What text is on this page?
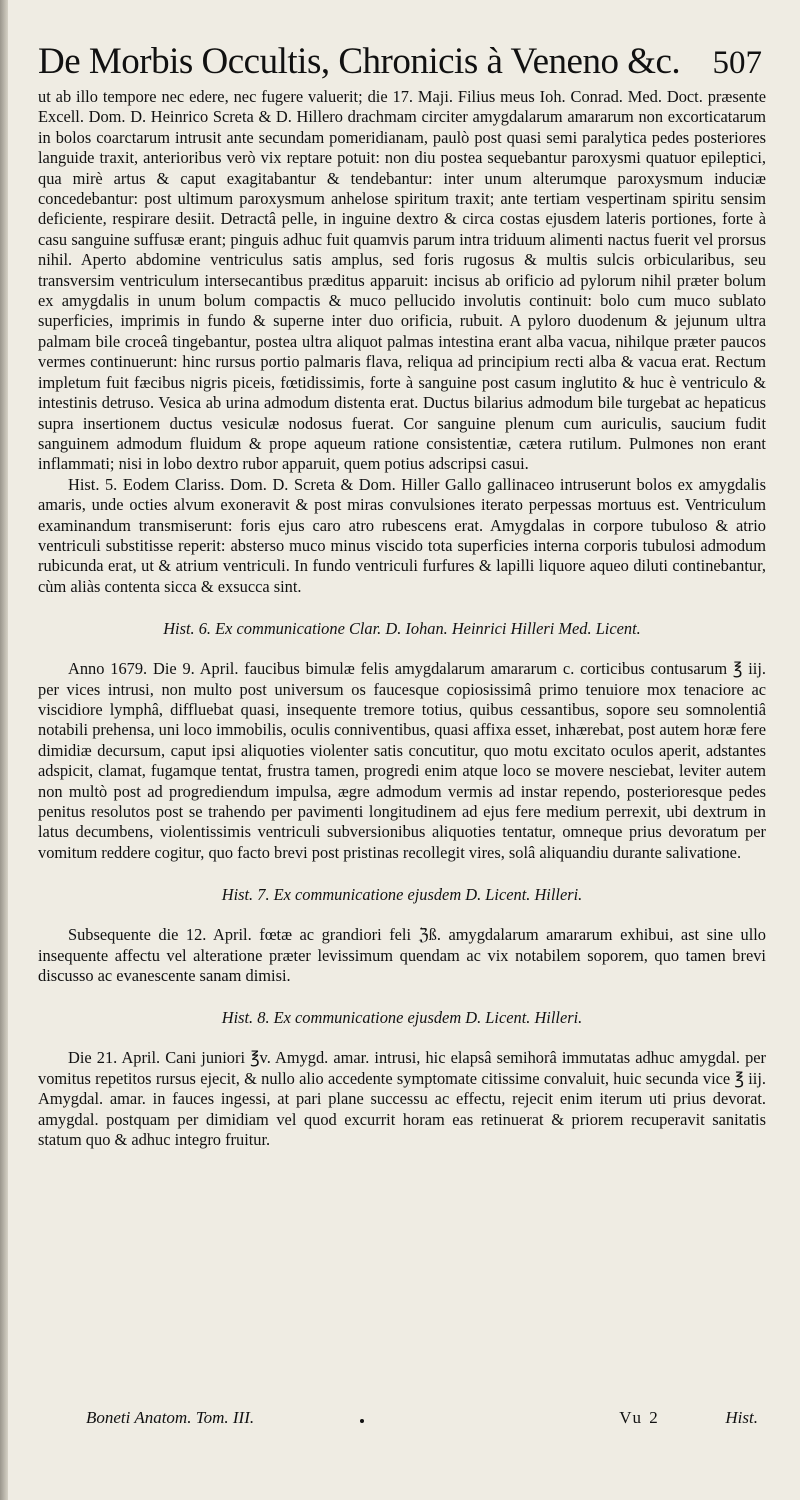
De Morbis Occultis, Chronicis à Veneno &c. 507

ut ab illo tempore nec edere, nec fugere valuerit; die 17. Maji. Filius meus Ioh. Conrad. Med. Doct. præsente Excell. Dom. D. Heinrico Screta & D. Hillero drachmam circiter amygdalarum amararum non excorticatarum in bolos coarctarum intrusit ante secundam pomeridianam, paulò post quasi semi paralytica pedes posteriores languide traxit, anterioribus verò vix reptare potuit: non diu postea sequebantur paroxysmi quatuor epileptici, qua mirè artus & caput exagitabantur & tendebantur: inter unum alterumque paroxysmum induciæ concedebantur: post ultimum paroxysmum anhelose spiritum traxit; ante tertiam vespertinam spiritu sensim deficiente, respirare desiit. Detractâ pelle, in inguine dextro & circa costas ejusdem lateris portiones, forte à casu sanguine suffusæ erant; pinguis adhuc fuit quamvis parum intra triduum alimenti nactus fuerit vel prorsus nihil. Aperto abdomine ventriculus satis amplus, sed foris rugosus & multis sulcis orbicularibus, seu transversim ventriculum intersecantibus præditus apparuit: incisus ab orificio ad pylorum nihil præter bolum ex amygdalis in unum bolum compactis & muco pellucido involutis continuit: bolo cum muco sublato superficies, imprimis in fundo & superne inter duo orificia, rubuit. A pyloro duodenum & jejunum ultra palmam bile croceâ tingebantur, postea ultra aliquot palmas intestina erant alba vacua, nihilque præter paucos vermes continuerunt: hinc rursus portio palmaris flava, reliqua ad principium recti alba & vacua erat. Rectum impletum fuit fæcibus nigris piceis, fœtidissimis, forte à sanguine post casum inglutito & huc è ventriculo & intestinis detruso. Vesica ab urina admodum distenta erat. Ductus bilarius admodum bile turgebat ac hepaticus supra insertionem ductus vesiculæ nodosus fuerat. Cor sanguine plenum cum auriculis, saucium fudit sanguinem admodum fluidum & prope aqueum ratione consistentiæ, cætera rutilum. Pulmones non erant inflammati; nisi in lobo dextro rubor apparuit, quem potius adscripsi casui.

Hist. 5. Eodem Clariss. Dom. D. Screta & Dom. Hiller Gallo gallinaceo intruserunt bolos ex amygdalis amaris, unde octies alvum exoneravit & post miras convulsiones iterato perpessas mortuus est. Ventriculum examinandum transmiserunt: foris ejus caro atro rubescens erat. Amygdalas in corpore tubuloso & atrio ventriculi substitisse reperit: absterso muco minus viscido tota superficies interna corporis tubulosi admodum rubicunda erat, ut & atrium ventriculi. In fundo ventriculi furfures & lapilli liquore aqueo diluti continebantur, cùm aliàs contenta sicca & exsucca sint.

Hist. 6. Ex communicatione Clar. D. Iohan. Heinrici Hilleri Med. Licent.

Anno 1679. Die 9. April. faucibus bimulæ felis amygdalarum amararum c. corticibus contusarum ℥ iij. per vices intrusi, non multo post universum os faucesque copiosissimâ primo tenuiore mox tenaciore ac viscidiore lymphâ, diffluebat quasi, insequente tremore totius, quibus cessantibus, sopore seu somnolentiâ notabili prehensa, uni loco immobilis, oculis conniventibus, quasi affixa esset, inhærebat, post autem horæ fere dimidiæ decursum, caput ipsi aliquoties violenter satis concutitur, quo motu excitato oculos aperit, adstantes adspicit, clamat, fugamque tentat, frustra tamen, progredi enim atque loco se movere nesciebat, leviter autem non multò post ad progrediendum impulsa, ægre admodum vermis ad instar rependo, posterioresque pedes penitus resolutos post se trahendo per pavimenti longitudinem ad ejus fere medium perrexit, ubi dextrum in latus decumbens, violentissimis ventriculi subversionibus aliquoties tentatur, omneque prius devoratum per vomitum reddere cogitur, quo facto brevi post pristinas recollegit vires, solâ aliquandiu durante salivatione.

Hist. 7. Ex communicatione ejusdem D. Licent. Hilleri.

Subsequente die 12. April. fœtæ ac grandiori feli ℨß. amygdalarum amararum exhibui, ast sine ullo insequente affectu vel alteratione præter levissimum quendam ac vix notabilem soporem, quo tamen brevi discusso ac evanescente sanam dimisi.

Hist. 8. Ex communicatione ejusdem D. Licent. Hilleri.

Die 21. April. Cani juniori ℥v. Amygd. amar. intrusi, hic elapsâ semihorâ immutatas adhuc amygdal. per vomitus repetitos rursus ejecit, & nullo alio accedente symptomate citissime convaluit, huic secunda vice ℥ iij. Amygdal. amar. in fauces ingessi, at pari plane successu ac effectu, rejecit enim iterum uti prius devorat. amygdal. postquam per dimidiam vel quod excurrit horam eas retinuerat & priorem recuperavit sanitatis statum quo & adhuc integro fruitur.

Boneti Anatom. Tom. III.	Vu 2	Hist.
